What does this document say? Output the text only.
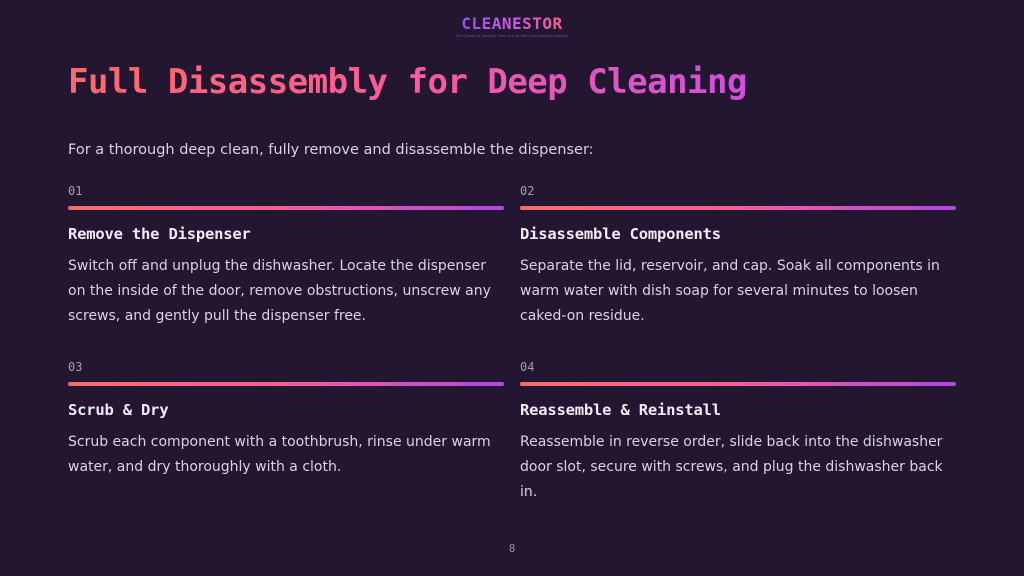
CLEANESTOR
The Cleaning Secrets Pros Use to Make Everything Sparkle
Full Disassembly for Deep Cleaning
For a thorough deep clean, fully remove and disassemble the dispenser:
01
Remove the Dispenser
Switch off and unplug the dishwasher. Locate the dispenser on the inside of the door, remove obstructions, unscrew any screws, and gently pull the dispenser free.
02
Disassemble Components
Separate the lid, reservoir, and cap. Soak all components in warm water with dish soap for several minutes to loosen caked-on residue.
03
Scrub & Dry
Scrub each component with a toothbrush, rinse under warm water, and dry thoroughly with a cloth.
04
Reassemble & Reinstall
Reassemble in reverse order, slide back into the dishwasher door slot, secure with screws, and plug the dishwasher back in.
8
